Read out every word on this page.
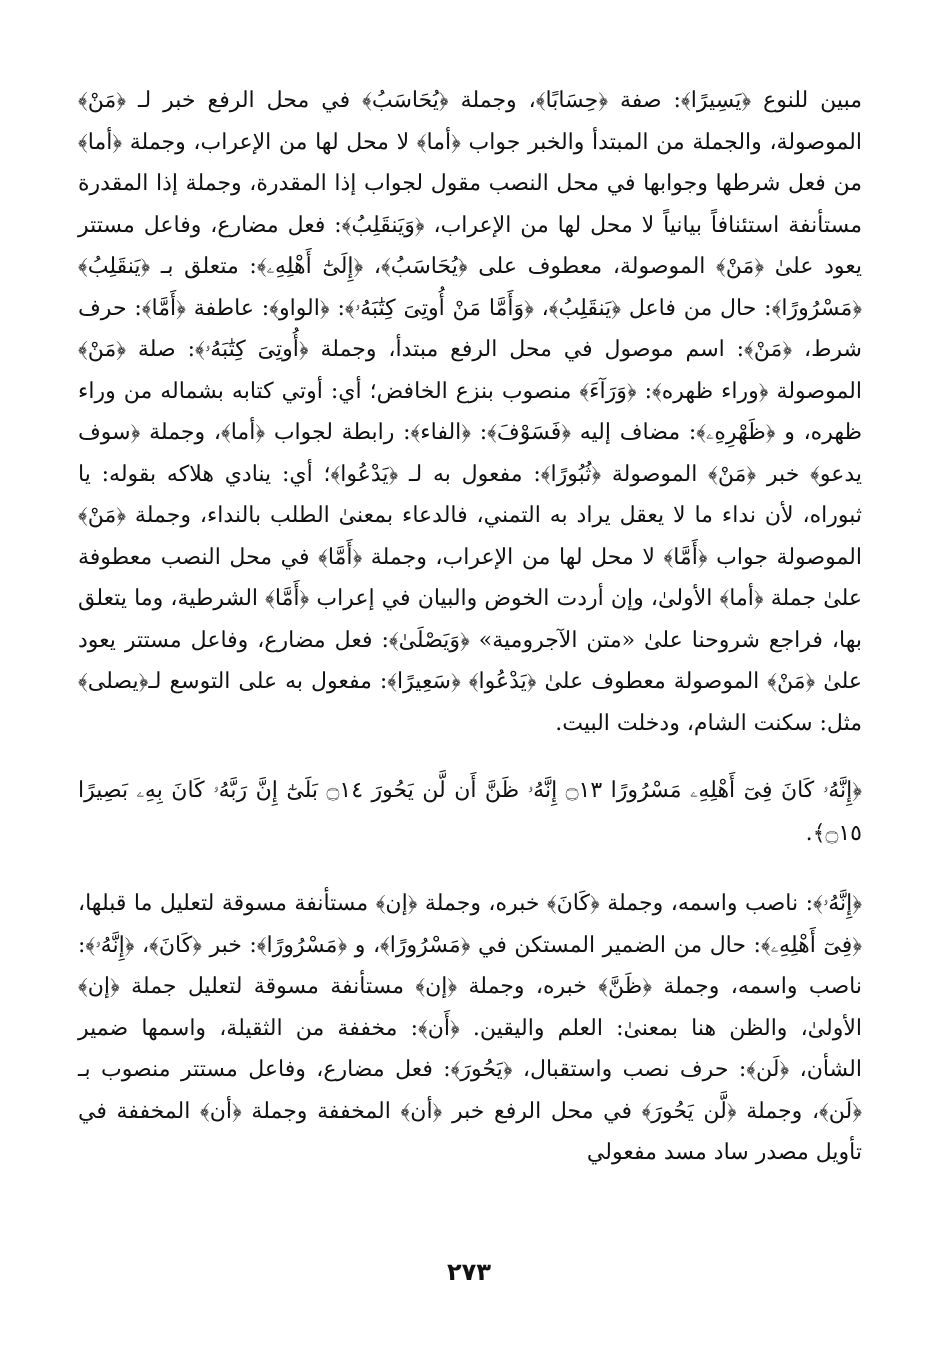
مبين للنوع ﴿يَسِيرًا﴾: صفة ﴿حِسَابًا﴾، وجملة ﴿يُحَاسَبُ﴾ في محل الرفع خبر لـ ﴿مَنْ﴾ الموصولة، والجملة من المبتدأ والخبر جواب ﴿أما﴾ لا محل لها من الإعراب، وجملة ﴿أما﴾ من فعل شرطها وجوابها في محل النصب مقول لجواب إذا المقدرة، وجملة إذا المقدرة مستأنفة استئنافاً بيانياً لا محل لها من الإعراب، ﴿وَيَنقَلِبُ﴾: فعل مضارع، وفاعل مستتر يعود علىٰ ﴿مَنْ﴾ الموصولة، معطوف على ﴿يُحَاسَبُ﴾، ﴿إِلَىٰٓ أَهْلِهِۦ﴾: متعلق بـ ﴿يَنقَلِبُ﴾ ﴿مَسْرُورًا﴾: حال من فاعل ﴿يَنقَلِبُ﴾، ﴿وَأَمَّا مَنْ أُوتِىَ كِتَٰبَهُۥ﴾: ﴿الواو﴾: عاطفة ﴿أَمَّا﴾: حرف شرط، ﴿مَنْ﴾: اسم موصول في محل الرفع مبتدأ، وجملة ﴿أُوتِىَ كِتَٰبَهُۥ﴾: صلة ﴿مَنْ﴾ الموصولة ﴿وراء ظهره﴾: ﴿وَرَآءَ﴾ منصوب بنزع الخافض؛ أي: أوتي كتابه بشماله من وراء ظهره، و ﴿ظَهْرِهِۦ﴾: مضاف إليه ﴿فَسَوْفَ﴾: ﴿الفاء﴾: رابطة لجواب ﴿أما﴾، وجملة ﴿سوف يدعو﴾ خبر ﴿مَنْ﴾ الموصولة ﴿ثُبُورًا﴾: مفعول به لـ ﴿يَدْعُوا﴾؛ أي: ينادي هلاكه بقوله: يا ثبوراه، لأن نداء ما لا يعقل يراد به التمني، فالدعاء بمعنىٰ الطلب بالنداء، وجملة ﴿مَنْ﴾ الموصولة جواب ﴿أَمَّا﴾ لا محل لها من الإعراب، وجملة ﴿أَمَّا﴾ في محل النصب معطوفة علىٰ جملة ﴿أما﴾ الأولىٰ، وإن أردت الخوض والبيان في إعراب ﴿أَمَّا﴾ الشرطية، وما يتعلق بها، فراجع شروحنا علىٰ «متن الآجرومية» ﴿وَيَصْلَىٰ﴾: فعل مضارع، وفاعل مستتر يعود علىٰ ﴿مَنْ﴾ الموصولة معطوف علىٰ ﴿يَدْعُوا﴾ ﴿سَعِيرًا﴾: مفعول به على التوسع لـ﴿يصلى﴾ مثل: سكنت الشام، ودخلت البيت.

﴿إِنَّهُۥ كَانَ فِىٓ أَهْلِهِۦ مَسْرُورًا ۝١٣ إِنَّهُۥ ظَنَّ أَن لَّن يَحُورَ ۝١٤ بَلَىٰٓ إِنَّ رَبَّهُۥ كَانَ بِهِۦ بَصِيرًا ۝١٥﴾.

﴿إِنَّهُۥ﴾: ناصب واسمه، وجملة ﴿كَانَ﴾ خبره، وجملة ﴿إن﴾ مستأنفة مسوقة لتعليل ما قبلها، ﴿فِىٓ أَهْلِهِۦ﴾: حال من الضمير المستكن في ﴿مَسْرُورًا﴾، و ﴿مَسْرُورًا﴾: خبر ﴿كَانَ﴾، ﴿إِنَّهُۥ﴾: ناصب واسمه، وجملة ﴿ظَنَّ﴾ خبره، وجملة ﴿إن﴾ مستأنفة مسوقة لتعليل جملة ﴿إن﴾ الأولىٰ، والظن هنا بمعنىٰ: العلم واليقين. ﴿أَن﴾: مخففة من الثقيلة، واسمها ضمير الشأن، ﴿لَن﴾: حرف نصب واستقبال، ﴿يَحُورَ﴾: فعل مضارع، وفاعل مستتر منصوب بـ ﴿لَن﴾، وجملة ﴿لَّن يَحُورَ﴾ في محل الرفع خبر ﴿أن﴾ المخففة وجملة ﴿أن﴾ المخففة في تأويل مصدر ساد مسد مفعولي

٢٧٣
